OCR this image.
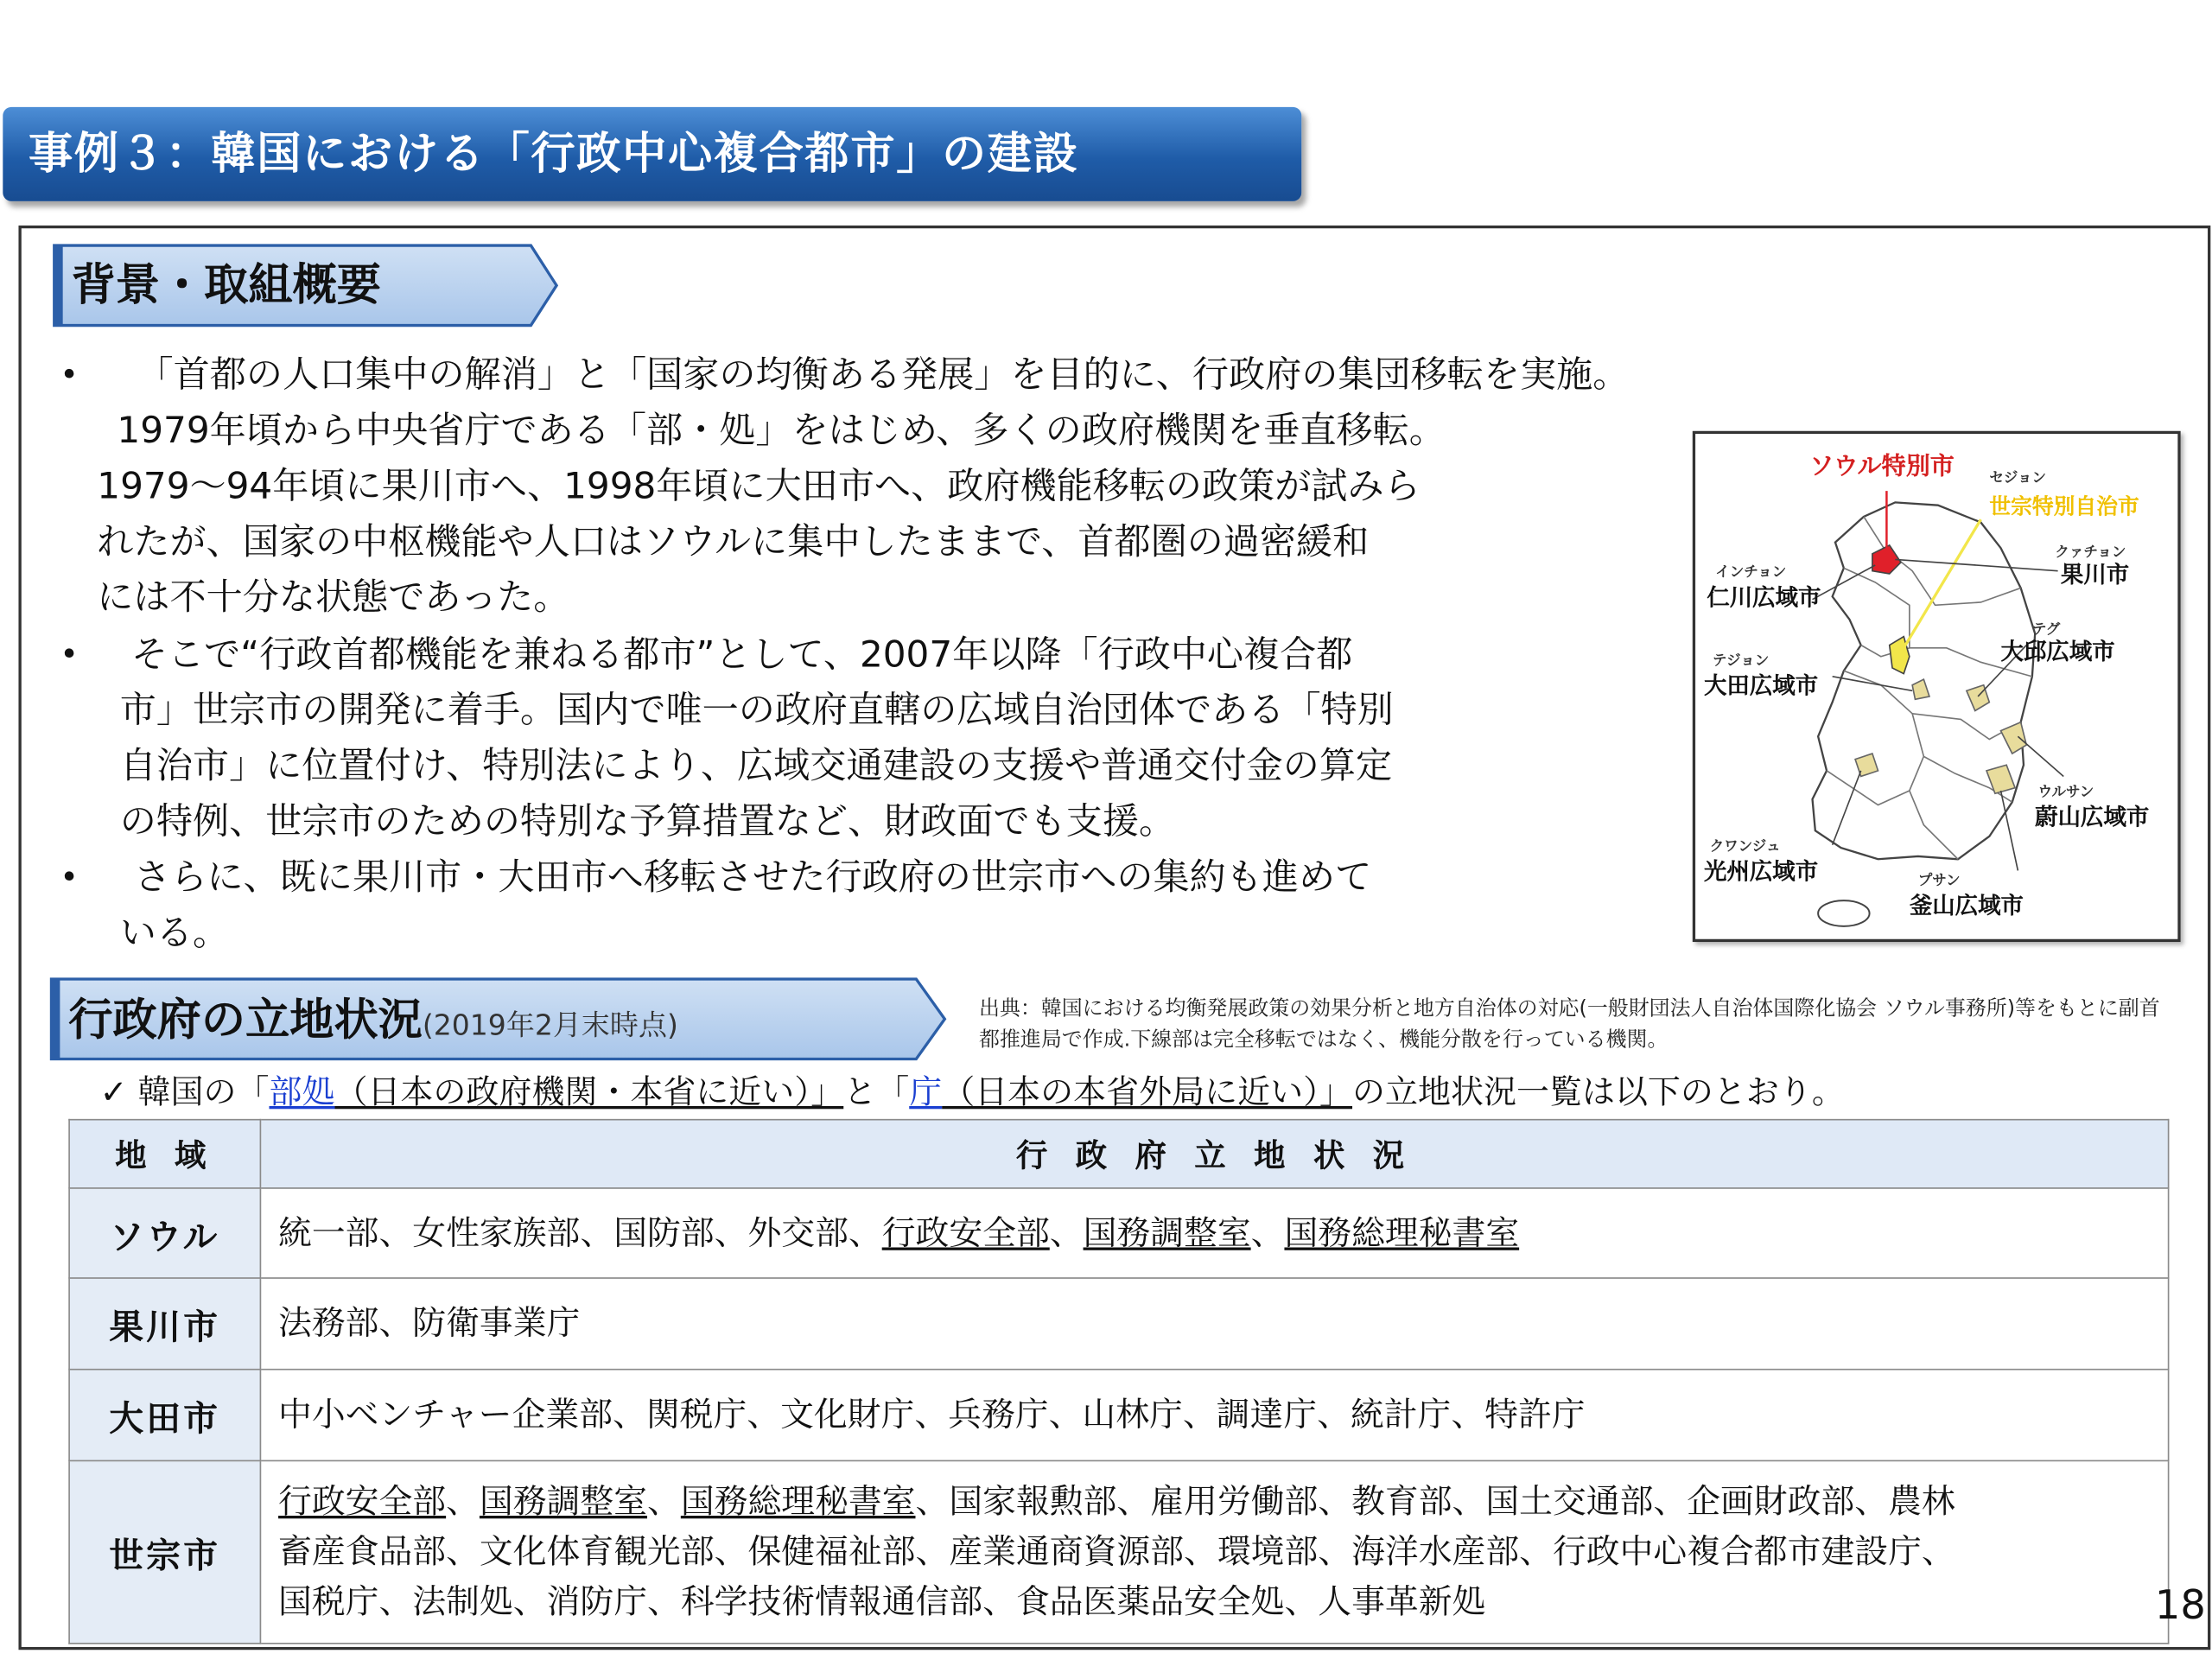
事例３：韓国における「行政中心複合都市」の建設
背景・取組概要
•	「首都の人口集中の解消」と「国家の均衡ある発展」を目的に、行政府の集団移転を実施。
1979年頃から中央省庁である「部・処」をはじめ、多くの政府機関を垂直移転。
1979～94年頃に果川市へ、1998年頃に大田市へ、政府機能移転の政策が試みら
れたが、国家の中枢機能や人口はソウルに集中したままで、首都圏の過密緩和
には不十分な状態であった。
• そこで“行政首都機能を兼ねる都市”として、2007年以降「行政中心複合都
市」世宗市の開発に着手。国内で唯一の政府直轄の広域自治団体である「特別
自治市」に位置付け、特別法により、広域交通建設の支援や普通交付金の算定
の特例、世宗市のための特別な予算措置など、財政面でも支援。
•	さらに、既に果川市・大田市へ移転させた行政府の世宗市への集約も進めて
いる。
ソウル特別市	セジョン
世宗特別自治市
クァチョン
果川市
インチョン
仁川広域市
テグ
大邱広域市
テジョン
大田広域市
ウルサン
蔚山広域市
クワンジュ
光州広域市	プサン
釜山広域市
行政府の立地状況(2019年2月末時点)	出典：韓国における均衡発展政策の効果分析と地方自治体の対応(一般財団法人自治体国際化協会 ソウル事務所)等をもとに副首都推進局で作成.下線部は完全移転ではなく、機能分散を行っている機関。
✓ 韓国の「部処（日本の政府機関・本省に近い）」と「庁（日本の本省外局に近い）」の立地状況一覧は以下のとおり。
地 域	行 政 府 立 地 状 況
ソウル	統一部、女性家族部、国防部、外交部、行政安全部、国務調整室、国務総理秘書室
果川市	法務部、防衛事業庁
大田市	中小ベンチャー企業部、関税庁、文化財庁、兵務庁、山林庁、調達庁、統計庁、特許庁
世宗市	行政安全部、国務調整室、国務総理秘書室、国家報勲部、雇用労働部、教育部、国土交通部、企画財政部、農林
畜産食品部、文化体育観光部、保健福祉部、産業通商資源部、環境部、海洋水産部、行政中心複合都市建設庁、
国税庁、法制処、消防庁、科学技術情報通信部、食品医薬品安全処、人事革新処	18
